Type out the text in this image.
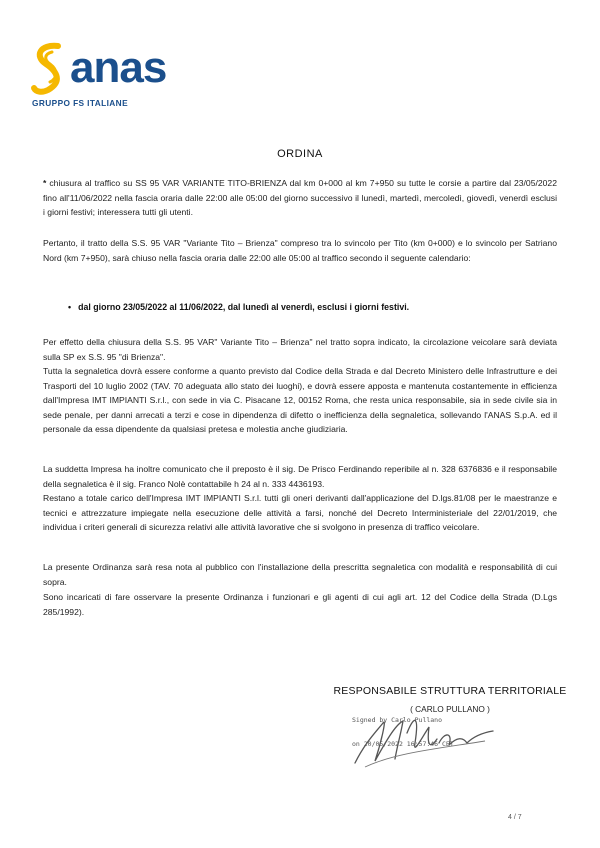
anas
GRUPPO FS ITALIANE
ORDINA

* chiusura al traffico su SS 95 VAR VARIANTE TITO-BRIENZA dal km 0+000 al km 7+950 su tutte le corsie a partire dal 23/05/2022 fino all'11/06/2022 nella fascia oraria dalle 22:00 alle 05:00 del giorno successivo il lunedì, martedì, mercoledì, giovedì, venerdì esclusi i giorni festivi; interessera tutti gli utenti.

Pertanto, il tratto della S.S. 95 VAR "Variante Tito – Brienza" compreso tra lo svincolo per Tito (km 0+000) e lo svincolo per Satriano Nord (km 7+950), sarà chiuso nella fascia oraria dalle 22:00 alle 05:00 al traffico secondo il seguente calendario:

• dal giorno 23/05/2022 al 11/06/2022, dal lunedì al venerdì, esclusi i giorni festivi.

Per effetto della chiusura della S.S. 95 VAR" Variante Tito – Brienza" nel tratto sopra indicato, la circolazione veicolare sarà deviata sulla SP ex S.S. 95 "di Brienza".

Tutta la segnaletica dovrà essere conforme a quanto previsto dal Codice della Strada e dal Decreto Ministero delle Infrastrutture e dei Trasporti del 10 luglio 2002 (TAV. 70 adeguata allo stato dei luoghi), e dovrà essere apposta e mantenuta costantemente in efficienza dall'Impresa IMT IMPIANTI S.r.l., con sede in via C. Pisacane 12, 00152 Roma, che resta unica responsabile, sia in sede civile sia in sede penale, per danni arrecati a terzi e cose in dipendenza di difetto o inefficienza della segnaletica, sollevando l'ANAS S.p.A. ed il personale da essa dipendente da qualsiasi pretesa e molestia anche giudiziaria.

La suddetta Impresa ha inoltre comunicato che il preposto è il sig. De Prisco Ferdinando reperibile al n. 328 6376836 e il responsabile della segnaletica è il sig. Franco Nolè contattabile h 24 al n. 333 4436193.

Restano a totale carico dell'Impresa IMT IMPIANTI S.r.l. tutti gli oneri derivanti dall'applicazione del D.lgs.81/08 per le maestranze e tecnici e attrezzature impiegate nella esecuzione delle attività a farsi, nonché del Decreto Interministeriale del 22/01/2019, che individua i criteri generali di sicurezza relativi alle attività lavorative che si svolgono in presenza di traffico veicolare.

La presente Ordinanza sarà resa nota al pubblico con l'installazione della prescritta segnaletica con modalità e responsabilità di cui sopra.

Sono incaricati di fare osservare la presente Ordinanza i funzionari e gli agenti di cui agli art. 12 del Codice della Strada (D.Lgs 285/1992).

RESPONSABILE STRUTTURA TERRITORIALE
( CARLO PULLANO )
Signed by Carlo Pullano
on 20/05/2022 16:57:46 CET
4 / 7
